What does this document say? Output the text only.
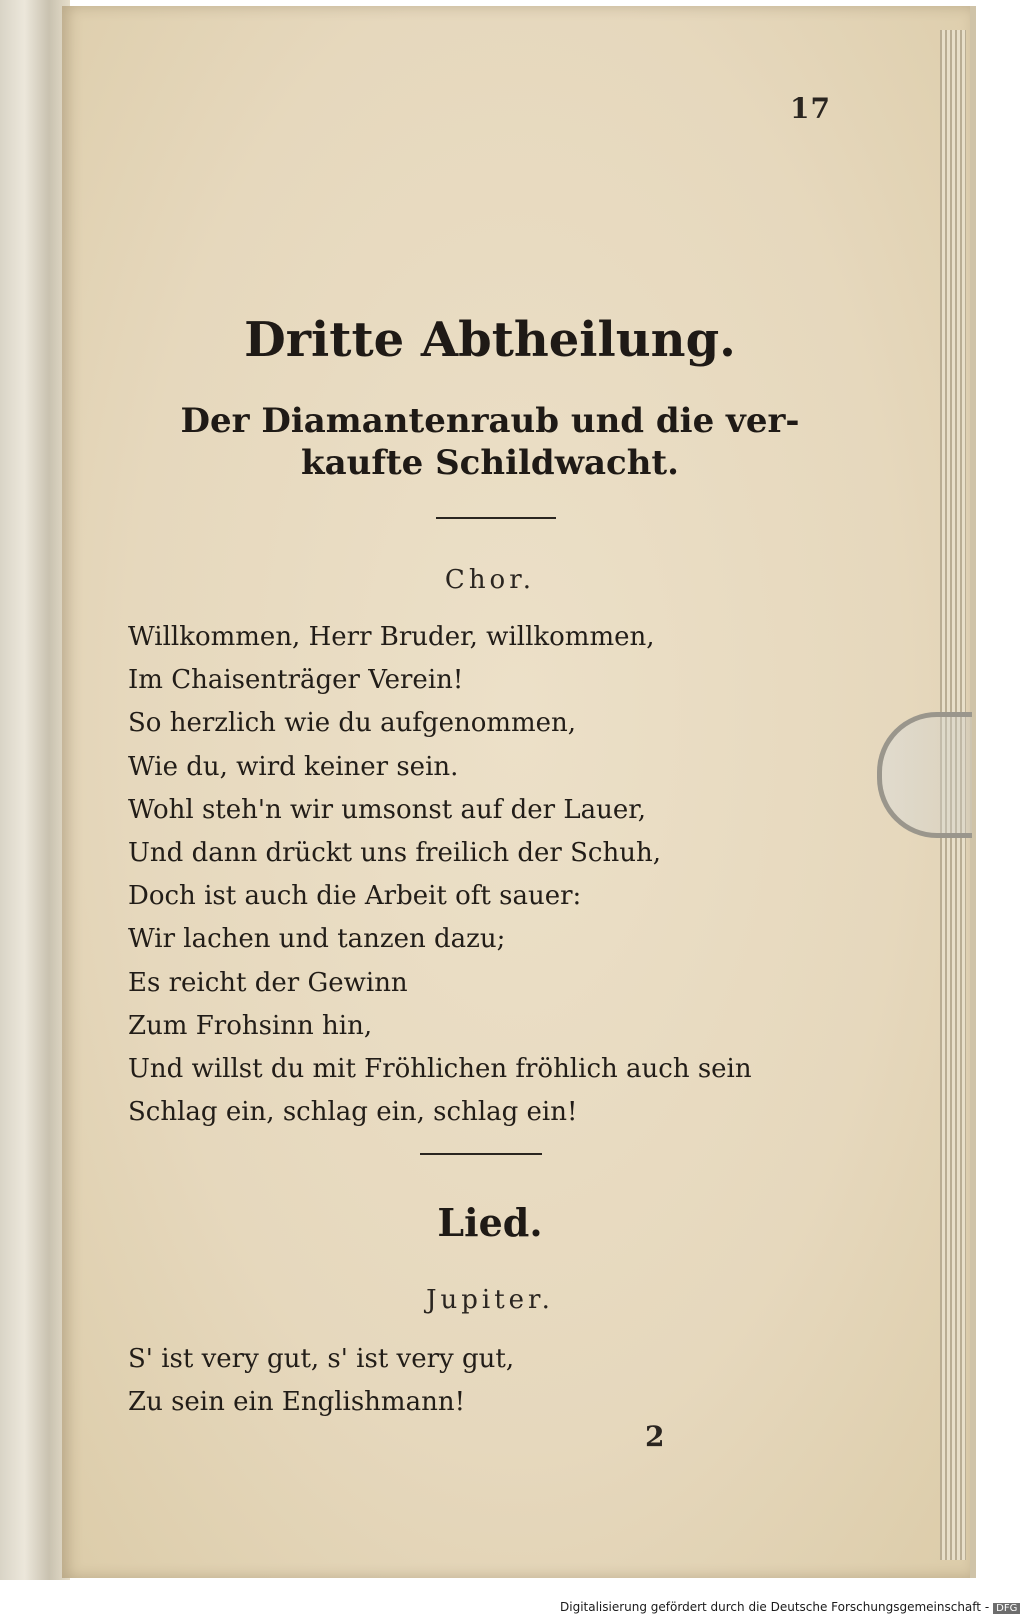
17
Dritte Abtheilung.
Der Diamantenraub und die ver-
kaufte Schildwacht.
Chor.
Willkommen, Herr Bruder, willkommen,
Im Chaisenträger Verein!
So herzlich wie du aufgenommen,
Wie du, wird keiner sein.
Wohl steh'n wir umsonst auf der Lauer,
Und dann drückt uns freilich der Schuh,
Doch ist auch die Arbeit oft sauer:
Wir lachen und tanzen dazu;
Es reicht der Gewinn
Zum Frohsinn hin,
Und willst du mit Fröhlichen fröhlich auch sein
Schlag ein, schlag ein, schlag ein!
Lied.
Jupiter.
S' ist very gut, s' ist very gut,
Zu sein ein Englishmann!
2
Digitalisierung gefördert durch die Deutsche Forschungsgemeinschaft - DFG
